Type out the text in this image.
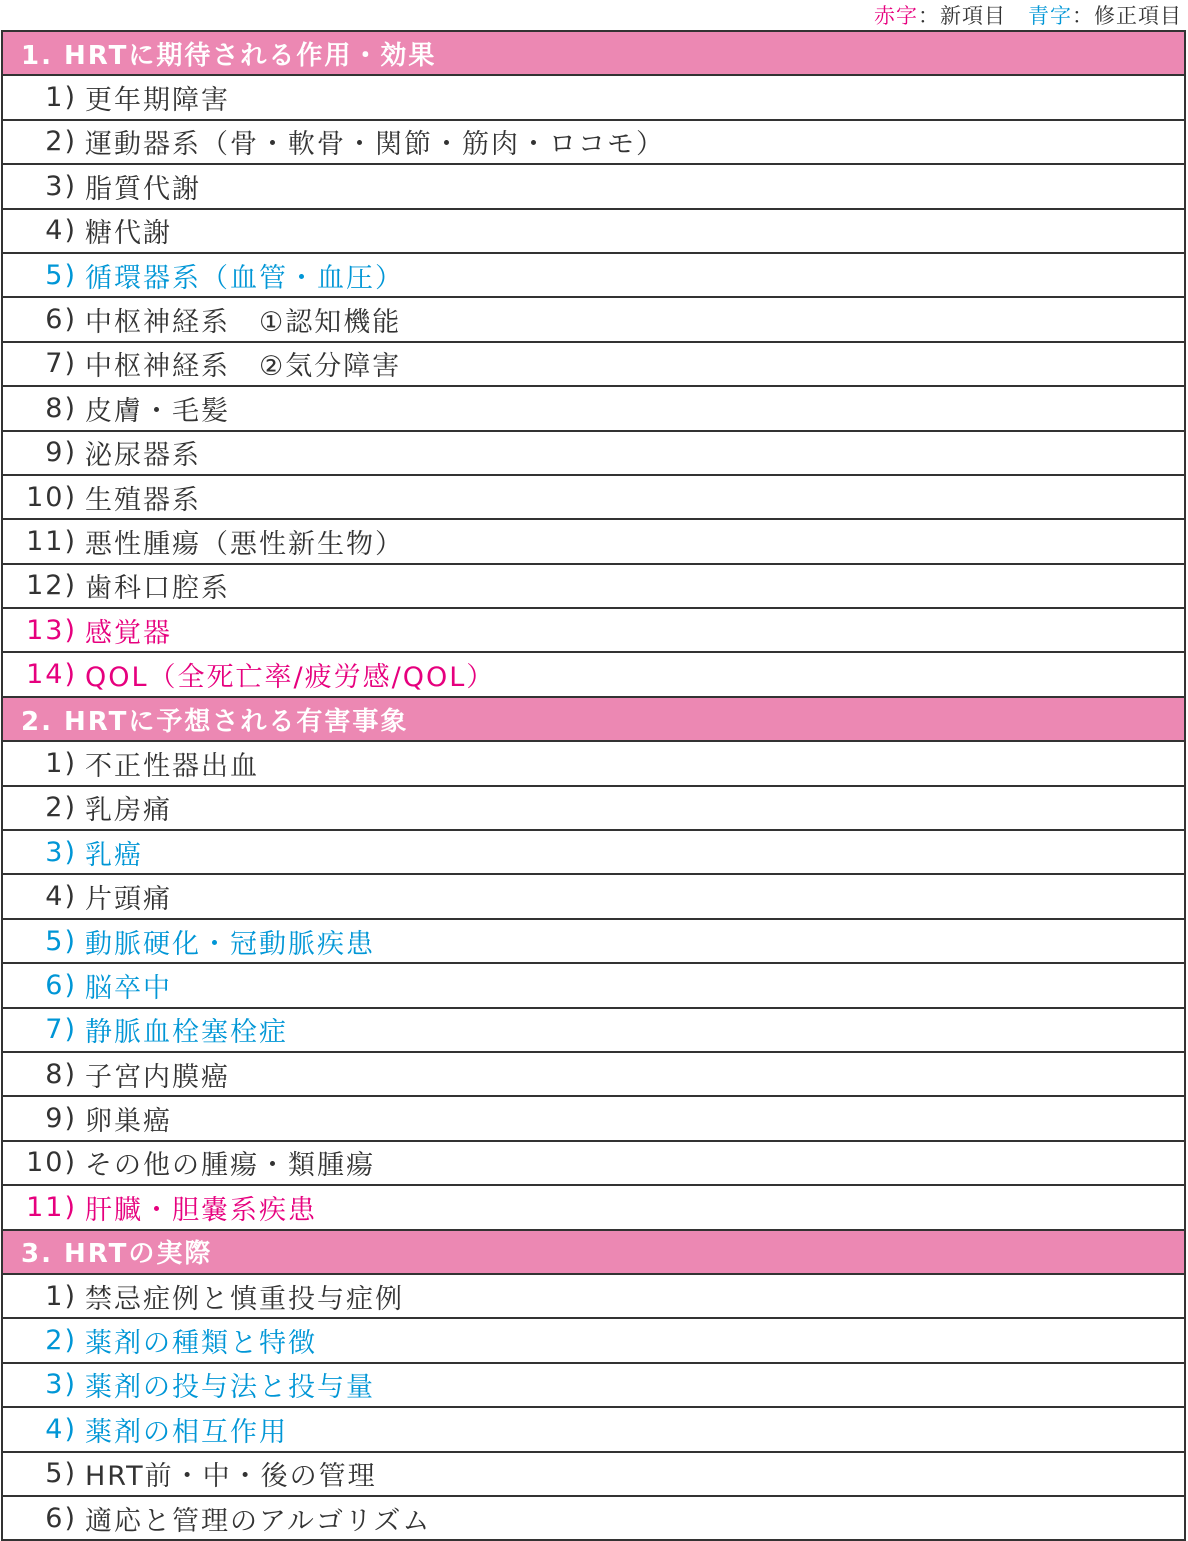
赤字 ：新項目 青字 ：修正項目
1. HRTに期待される作用・効果
1) 更年期障害
2) 運動器系（骨・軟骨・関節・筋肉・ロコモ）
3) 脂質代謝
4) 糖代謝
5) 循環器系（血管・血圧）
6) 中枢神経系　①認知機能
7) 中枢神経系　②気分障害
8) 皮膚・毛髪
9) 泌尿器系
10) 生殖器系
11) 悪性腫瘍（悪性新生物）
12) 歯科口腔系
13) 感覚器
14) QOL（全死亡率/疲労感/QOL）
2. HRTに予想される有害事象
1) 不正性器出血
2) 乳房痛
3) 乳癌
4) 片頭痛
5) 動脈硬化・冠動脈疾患
6) 脳卒中
7) 静脈血栓塞栓症
8) 子宮内膜癌
9) 卵巣癌
10) その他の腫瘍・類腫瘍
11) 肝臓・胆嚢系疾患
3. HRTの実際
1) 禁忌症例と慎重投与症例
2) 薬剤の種類と特徴
3) 薬剤の投与法と投与量
4) 薬剤の相互作用
5) HRT前・中・後の管理
6) 適応と管理のアルゴリズム
